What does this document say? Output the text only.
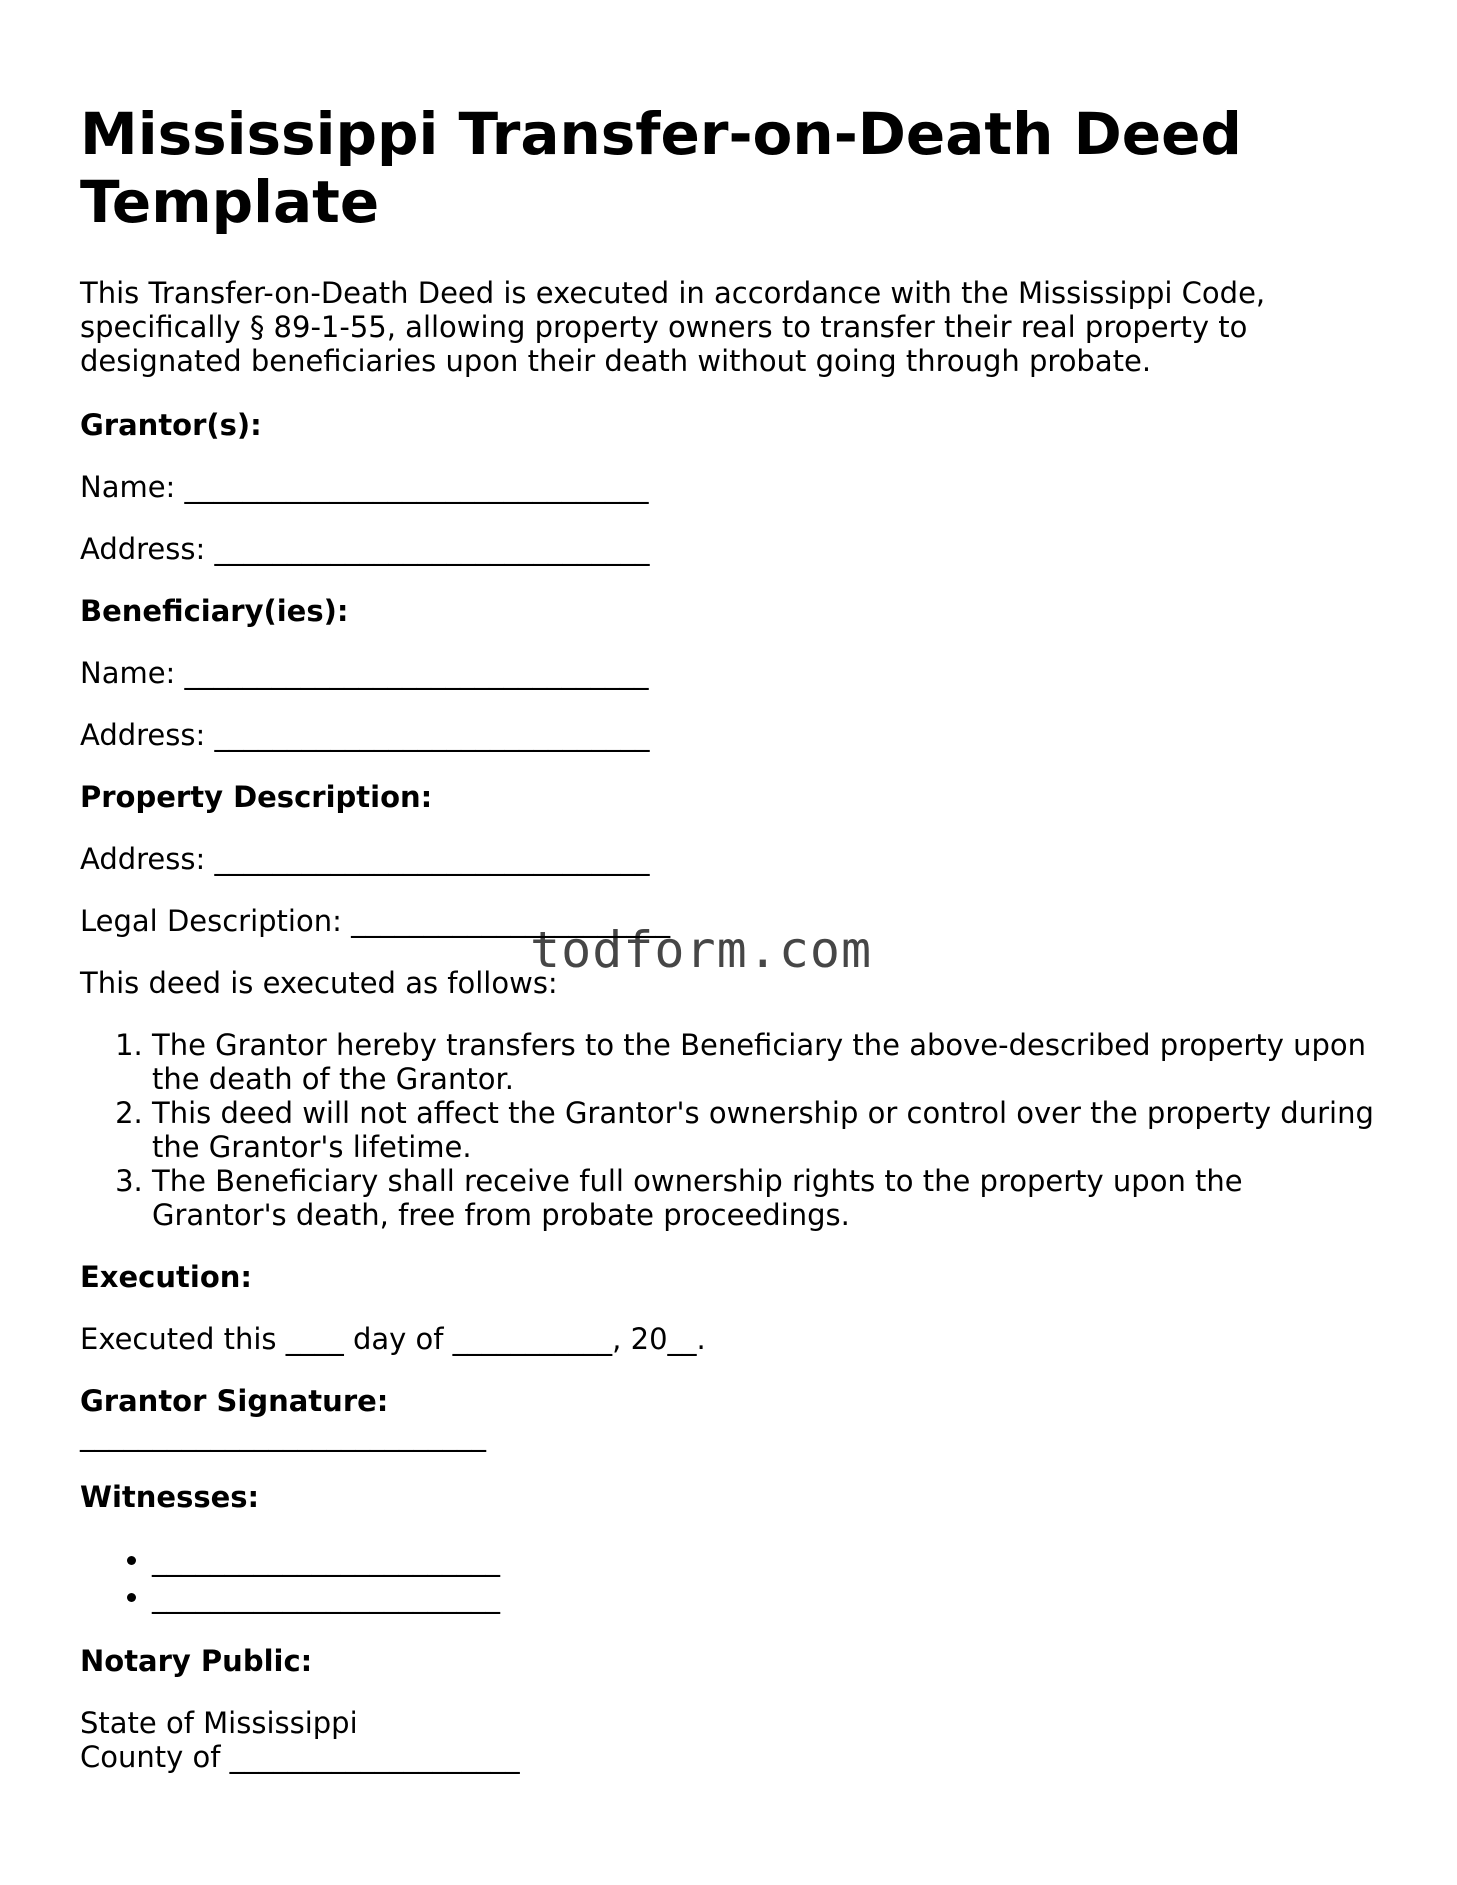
Mississippi Transfer-on-Death Deed Template

This Transfer-on-Death Deed is executed in accordance with the Mississippi Code, specifically § 89-1-55, allowing property owners to transfer their real property to designated beneficiaries upon their death without going through probate.

Grantor(s):

Name: ________________________________

Address: ______________________________

Beneficiary(ies):

Name: ________________________________

Address: ______________________________

Property Description:

Address: ______________________________

Legal Description: ______________________

This deed is executed as follows:

1. The Grantor hereby transfers to the Beneficiary the above-described property upon the death of the Grantor.
2. This deed will not affect the Grantor's ownership or control over the property during the Grantor's lifetime.
3. The Beneficiary shall receive full ownership rights to the property upon the Grantor's death, free from probate proceedings.
Execution:

Executed this ____ day of ___________, 20__.

Grantor Signature:

____________________________

Witnesses:
• ________________________
• ________________________
Notary Public:

State of Mississippi

County of ____________________

todform.com
